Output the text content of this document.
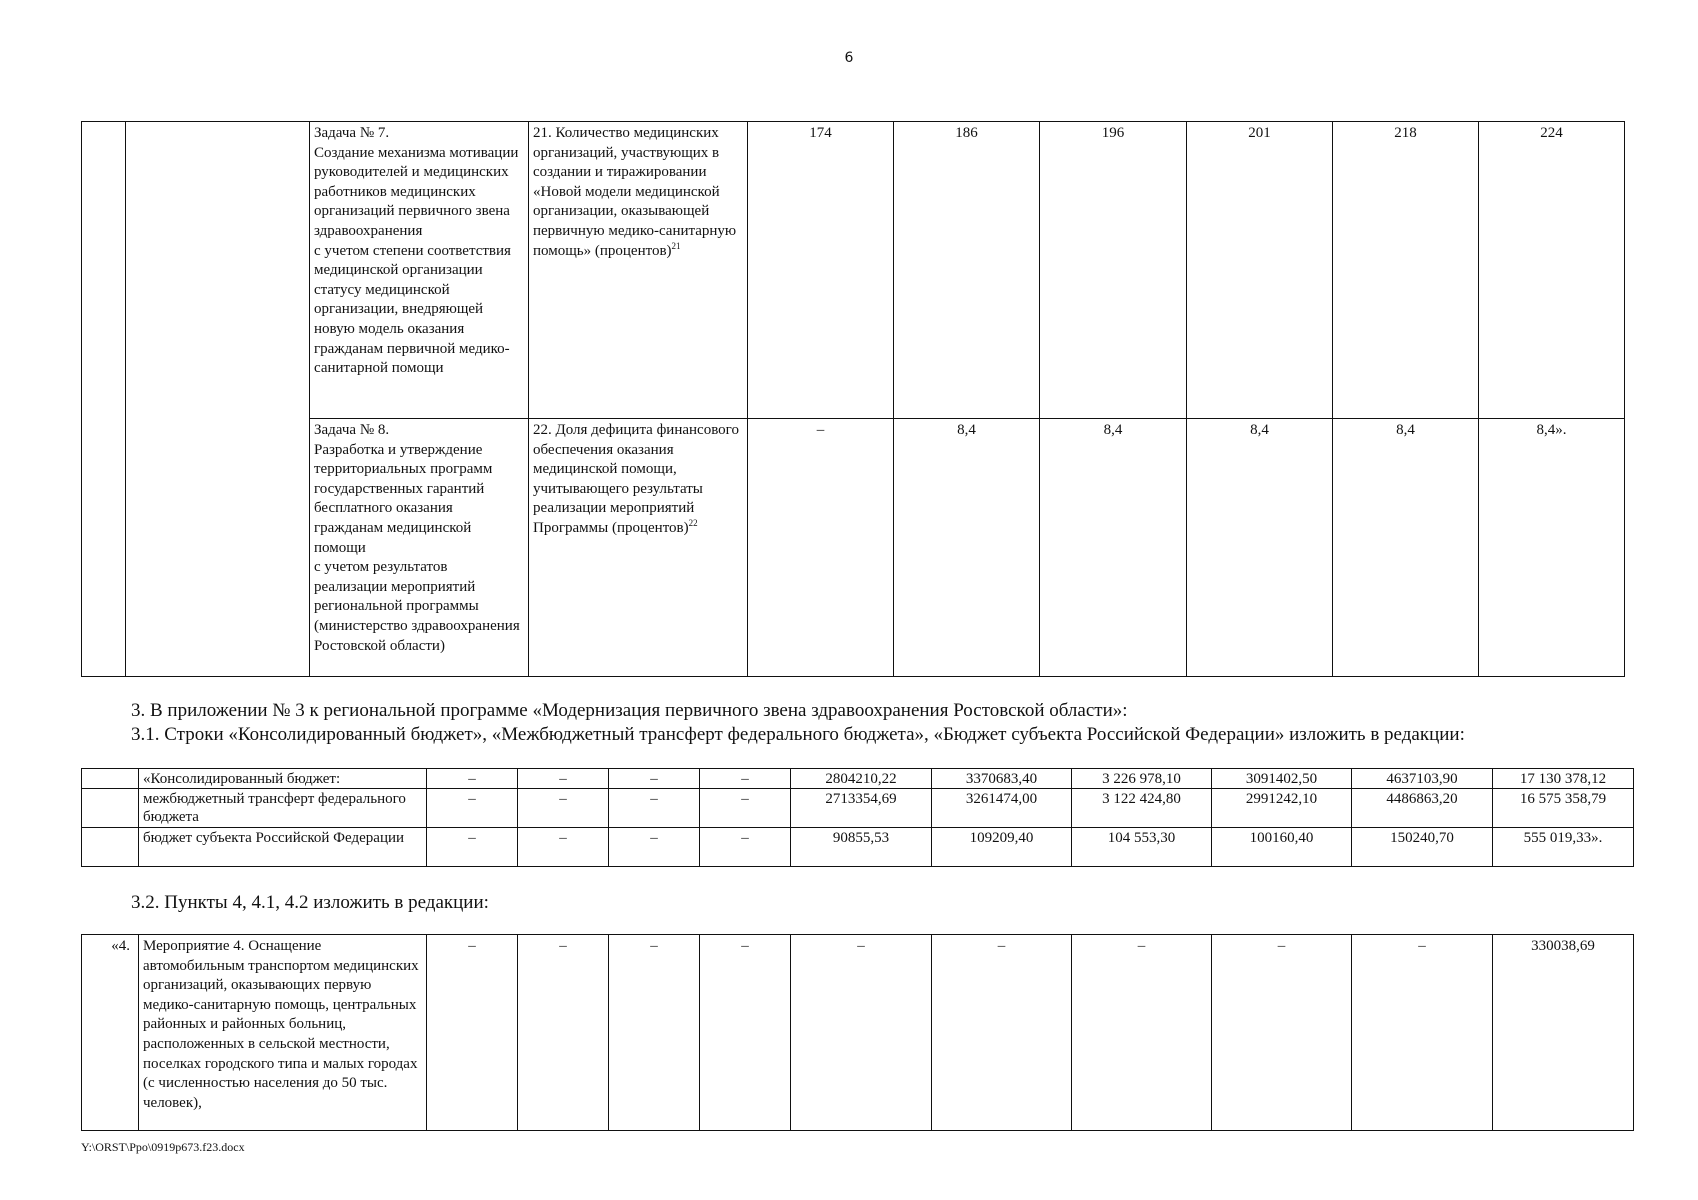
6
		Задача № 7.
Создание механизма мотивации руководителей и медицинских работников медицинских организаций первичного звена здравоохранения
с учетом степени соответствия медицинской организации статусу медицинской организации, внедряющей новую модель оказания гражданам первичной медико-санитарной помощи	21. Количество медицинских организаций, участвующих в создании и тиражировании «Новой модели медицинской организации, оказывающей первичную медико-санитарную помощь» (процентов)$^{21}$	174	186	196	201	218	224
		Задача № 8.
Разработка и утверждение территориальных программ государственных гарантий бесплатного оказания гражданам медицинской помощи
с учетом результатов реализации мероприятий региональной программы (министерство здравоохранения Ростовской области)	22. Доля дефицита финансового обеспечения оказания медицинской помощи, учитывающего результаты реализации мероприятий Программы (процентов)$^{22}$	–	8,4	8,4	8,4	8,4	8,4».
3. В приложении № 3 к региональной программе «Модернизация первичного звена здравоохранения Ростовской области»:
3.1. Строки «Консолидированный бюджет», «Межбюджетный трансферт федерального бюджета», «Бюджет субъекта Российской Федерации» изложить в редакции:
	«Консолидированный бюджет:	–	–	–	–	2804210,22	3370683,40	3 226 978,10	3091402,50	4637103,90	17 130 378,12
	межбюджетный трансферт федерального бюджета	–	–	–	–	2713354,69	3261474,00	3 122 424,80	2991242,10	4486863,20	16 575 358,79
	бюджет субъекта Российской Федерации	–	–	–	–	90855,53	109209,40	104 553,30	100160,40	150240,70	555 019,33».
3.2. Пункты 4, 4.1, 4.2 изложить в редакции:
«4.	Мероприятие 4. Оснащение автомобильным транспортом медицинских организаций, оказывающих первую медико-санитарную помощь, центральных районных и районных больниц, расположенных в сельской местности, поселках городского типа и малых городах (с численностью населения до 50 тыс. человек),	–	–	–	–	–	–	–	–	–	330038,69
Y:\ORST\Ppo\0919p673.f23.docx
